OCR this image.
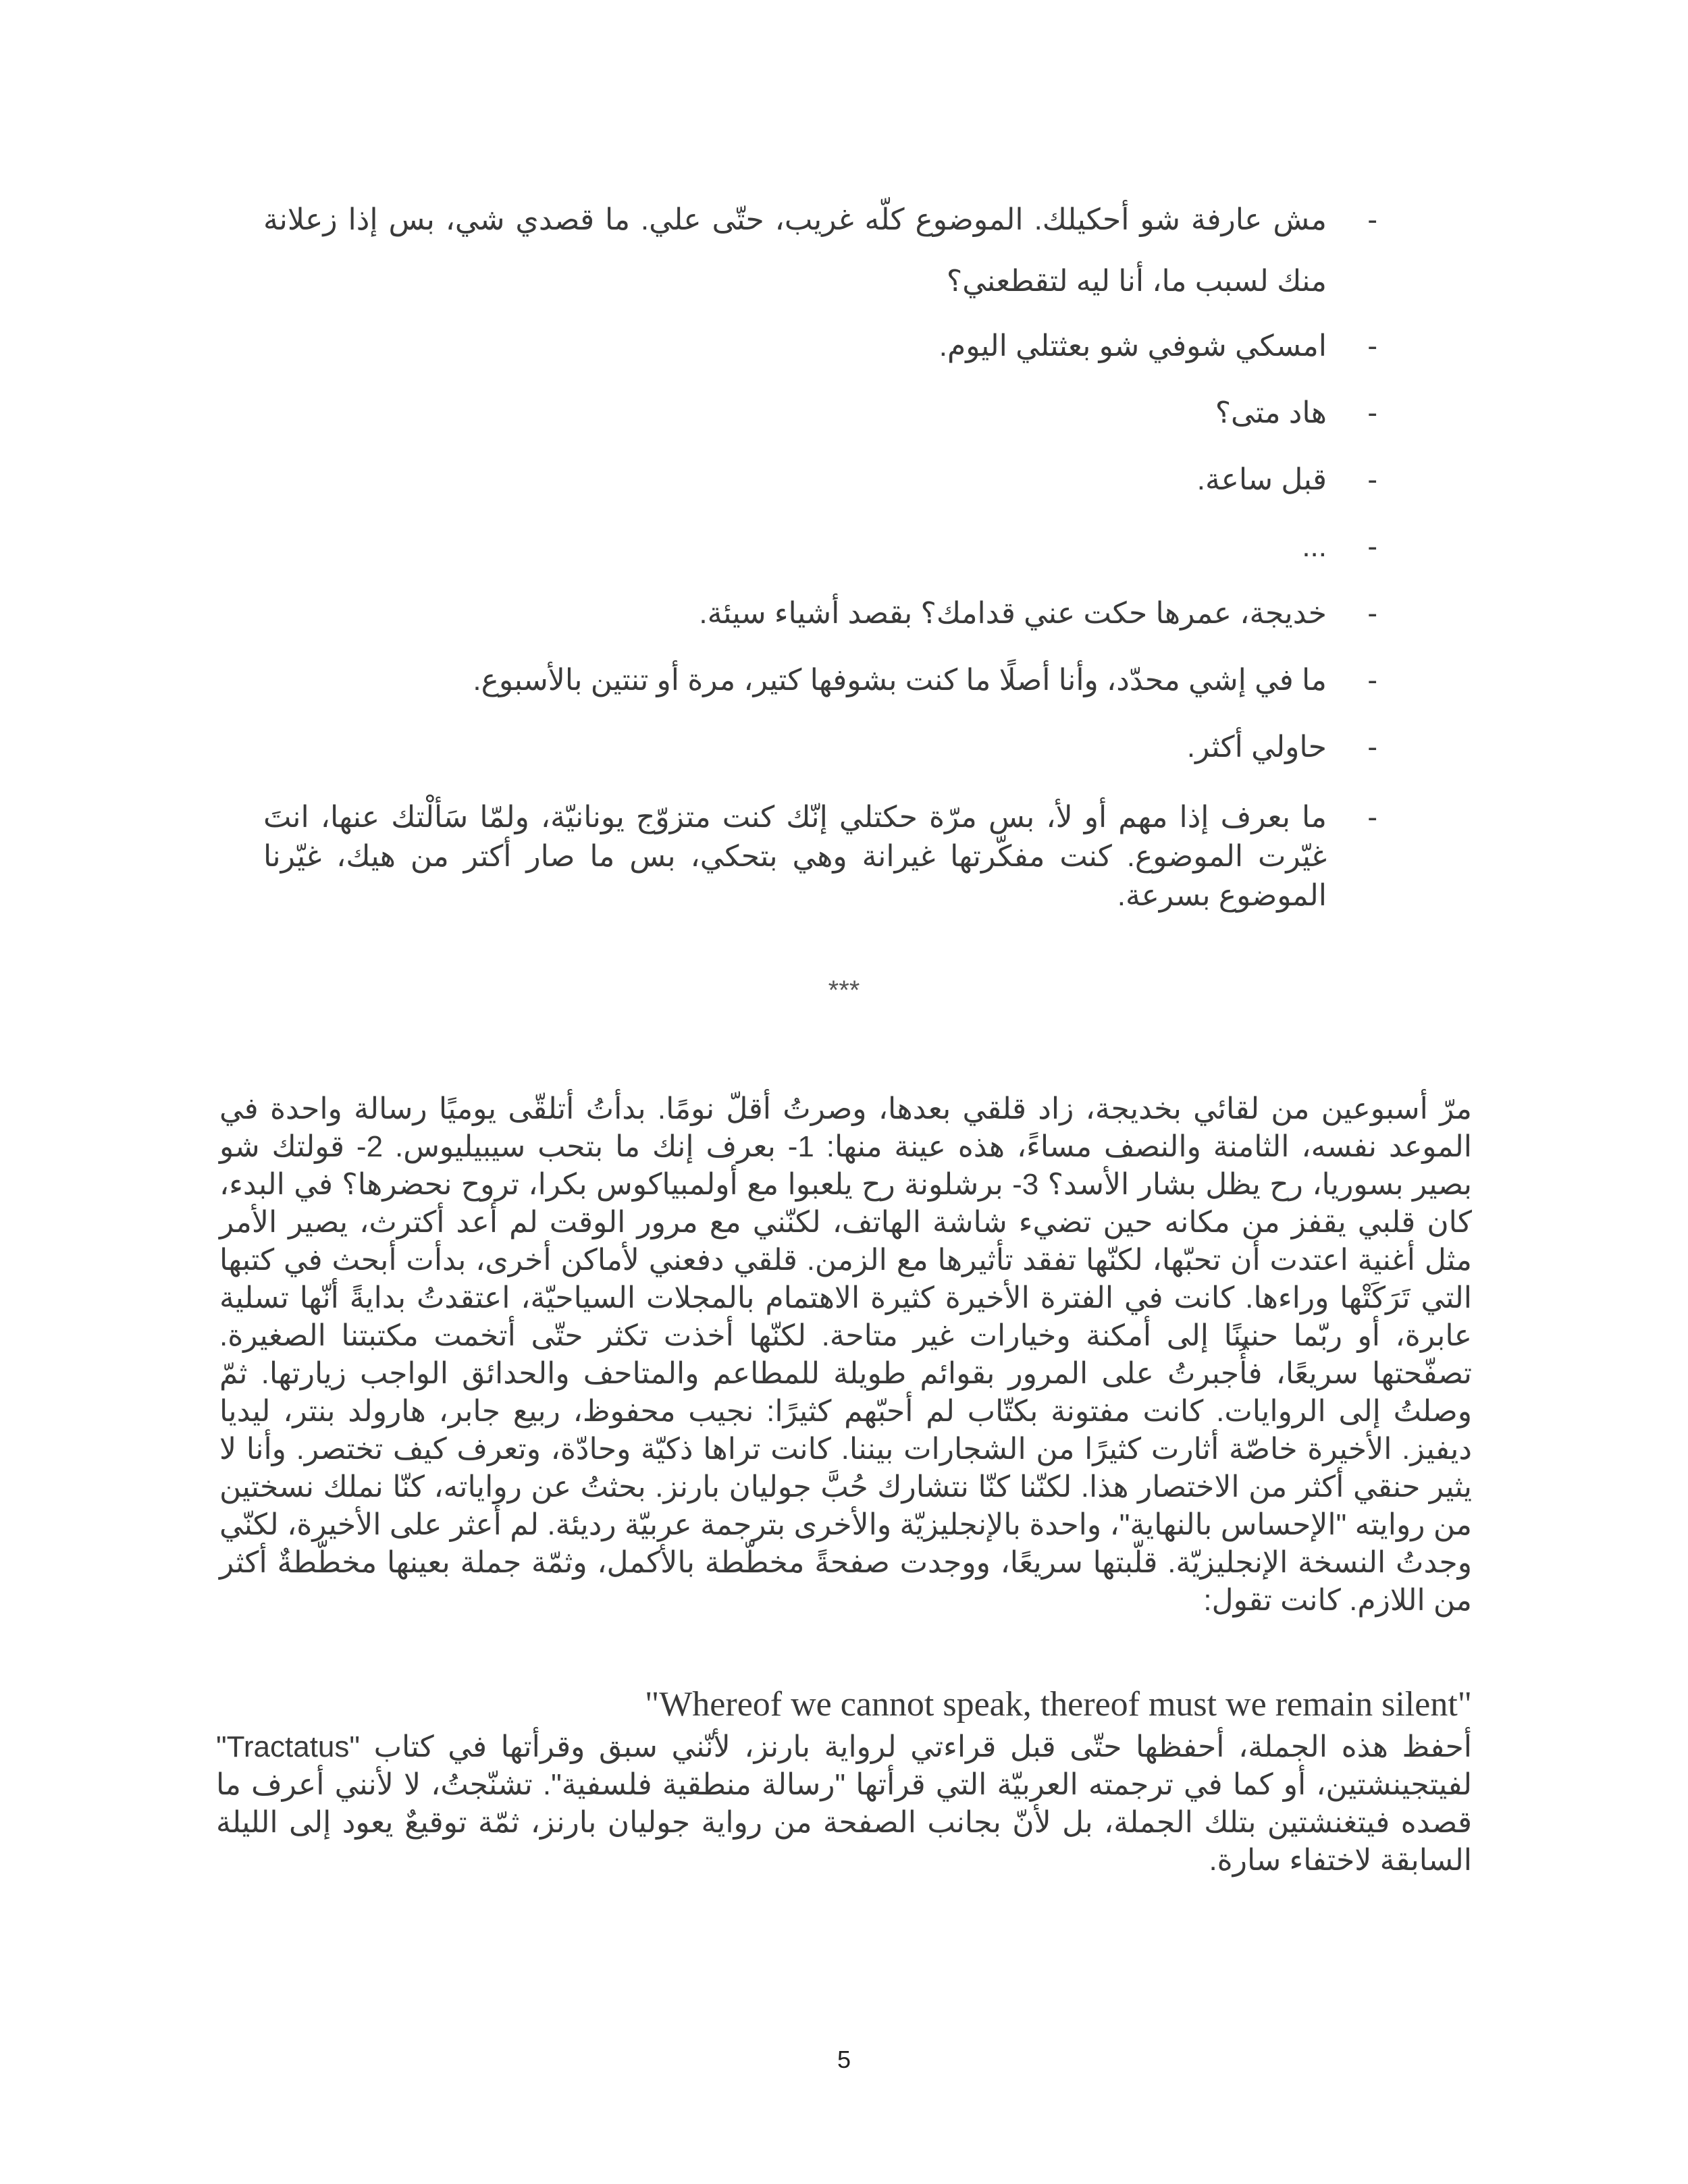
- مش عارفة شو أحكيلك. الموضوع كلّه غريب، حتّى علي. ما قصدي شي، بس إذا زعلانة منك لسبب ما، أنا ليه لتقطعني؟
- امسكي شوفي شو بعثتلي اليوم.
- هاد متى؟
- قبل ساعة.
- ...
- خديجة، عمرها حكت عني قدامك؟ بقصد أشياء سيئة.
- ما في إشي محدّد، وأنا أصلًا ما كنت بشوفها كتير، مرة أو تنتين بالأسبوع.
- حاولي أكثر.
- ما بعرف إذا مهم أو لأ، بس مرّة حكتلي إنّك كنت متزوّج يونانيّة، ولمّا سَألْتك عنها، انتَ غيّرت الموضوع. كنت مفكّرتها غيرانة وهي بتحكي، بس ما صار أكتر من هيك، غيّرنا الموضوع بسرعة.
***

مرّ أسبوعين من لقائي بخديجة، زاد قلقي بعدها، وصرتُ أقلّ نومًا. بدأتُ أتلقّى يوميًا رسالة واحدة في الموعد نفسه، الثامنة والنصف مساءً، هذه عينة منها: 1- بعرف إنك ما بتحب سيبيليوس. 2- قولتك شو بصير بسوريا، رح يظل بشار الأسد؟ 3- برشلونة رح يلعبوا مع أولمبياكوس بكرا، تروح نحضرها؟ في البدء، كان قلبي يقفز من مكانه حين تضيء شاشة الهاتف، لكنّني مع مرور الوقت لم أعد أكترث، يصير الأمر مثل أغنية اعتدت أن تحبّها، لكنّها تفقد تأثيرها مع الزمن. قلقي دفعني لأماكن أخرى، بدأت أبحث في كتبها التي تَرَكَتْها وراءها. كانت في الفترة الأخيرة كثيرة الاهتمام بالمجلات السياحيّة، اعتقدتُ بدايةً أنّها تسلية عابرة، أو ربّما حنينًا إلى أمكنة وخيارات غير متاحة. لكنّها أخذت تكثر حتّى أتخمت مكتبتنا الصغيرة. تصفّحتها سريعًا، فأُجبرتُ على المرور بقوائم طويلة للمطاعم والمتاحف والحدائق الواجب زيارتها. ثمّ وصلتُ إلى الروايات. كانت مفتونة بكتّاب لم أحبّهم كثيرًا: نجيب محفوظ، ربيع جابر، هارولد بنتر، ليديا ديفيز. الأخيرة خاصّة أثارت كثيرًا من الشجارات بيننا. كانت تراها ذكيّة وحادّة، وتعرف كيف تختصر. وأنا لا يثير حنقي أكثر من الاختصار هذا. لكنّنا كنّا نتشارك حُبَّ جوليان بارنز. بحثتُ عن رواياته، كنّا نملك نسختين من روايته "الإحساس بالنهاية"، واحدة بالإنجليزيّة والأخرى بترجمة عربيّة رديئة. لم أعثر على الأخيرة، لكنّي وجدتُ النسخة الإنجليزيّة. قلّبتها سريعًا، ووجدت صفحةً مخطّطة بالأكمل، وثمّة جملة بعينها مخطّطةٌ أكثر من اللازم. كانت تقول:

"Whereof we cannot speak, thereof must we remain silent"

أحفظ هذه الجملة، أحفظها حتّى قبل قراءتي لرواية بارنز، لأنّني سبق وقرأتها في كتاب "Tractatus" لفيتجينشتين، أو كما في ترجمته العربيّة التي قرأتها "رسالة منطقية فلسفية". تشنّجتُ، لا لأنني أعرف ما قصده فيتغنشتين بتلك الجملة، بل لأنّ بجانب الصفحة من رواية جوليان بارنز، ثمّة توقيعٌ يعود إلى الليلة السابقة لاختفاء سارة.

5
